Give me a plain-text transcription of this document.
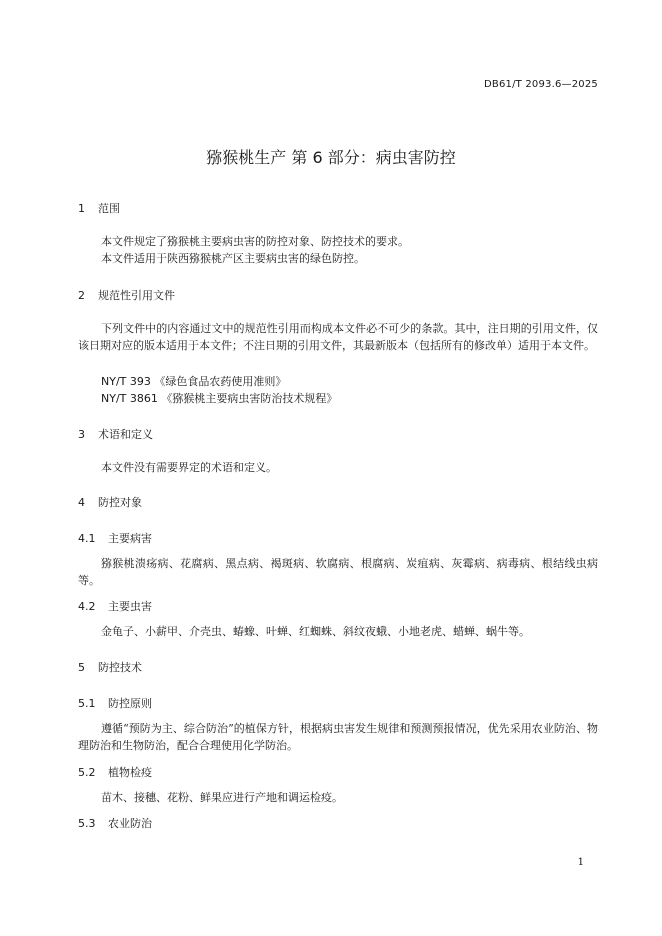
DB61/T 2093.6—2025
猕猴桃生产 第 6 部分：病虫害防控
1 范围
本文件规定了猕猴桃主要病虫害的防控对象、防控技术的要求。
本文件适用于陕西猕猴桃产区主要病虫害的绿色防控。
2 规范性引用文件
下列文件中的内容通过文中的规范性引用而构成本文件必不可少的条款。其中，注日期的引用文件，仅该日期对应的版本适用于本文件；不注日期的引用文件，其最新版本（包括所有的修改单）适用于本文件。
NY/T 393 《绿色食品农药使用准则》
NY/T 3861 《猕猴桃主要病虫害防治技术规程》
3 术语和定义
本文件没有需要界定的术语和定义。
4 防控对象
4.1 主要病害
猕猴桃溃疡病、花腐病、黑点病、褐斑病、软腐病、根腐病、炭疽病、灰霉病、病毒病、根结线虫病等。
4.2 主要虫害
金龟子、小薪甲、介壳虫、蝽蟓、叶蝉、红蜘蛛、斜纹夜蛾、小地老虎、蜡蝉、蜗牛等。
5 防控技术
5.1 防控原则
遵循“预防为主、综合防治”的植保方针，根据病虫害发生规律和预测预报情况，优先采用农业防治、物理防治和生物防治，配合合理使用化学防治。
5.2 植物检疫
苗木、接穗、花粉、鲜果应进行产地和调运检疫。
5.3 农业防治
1
